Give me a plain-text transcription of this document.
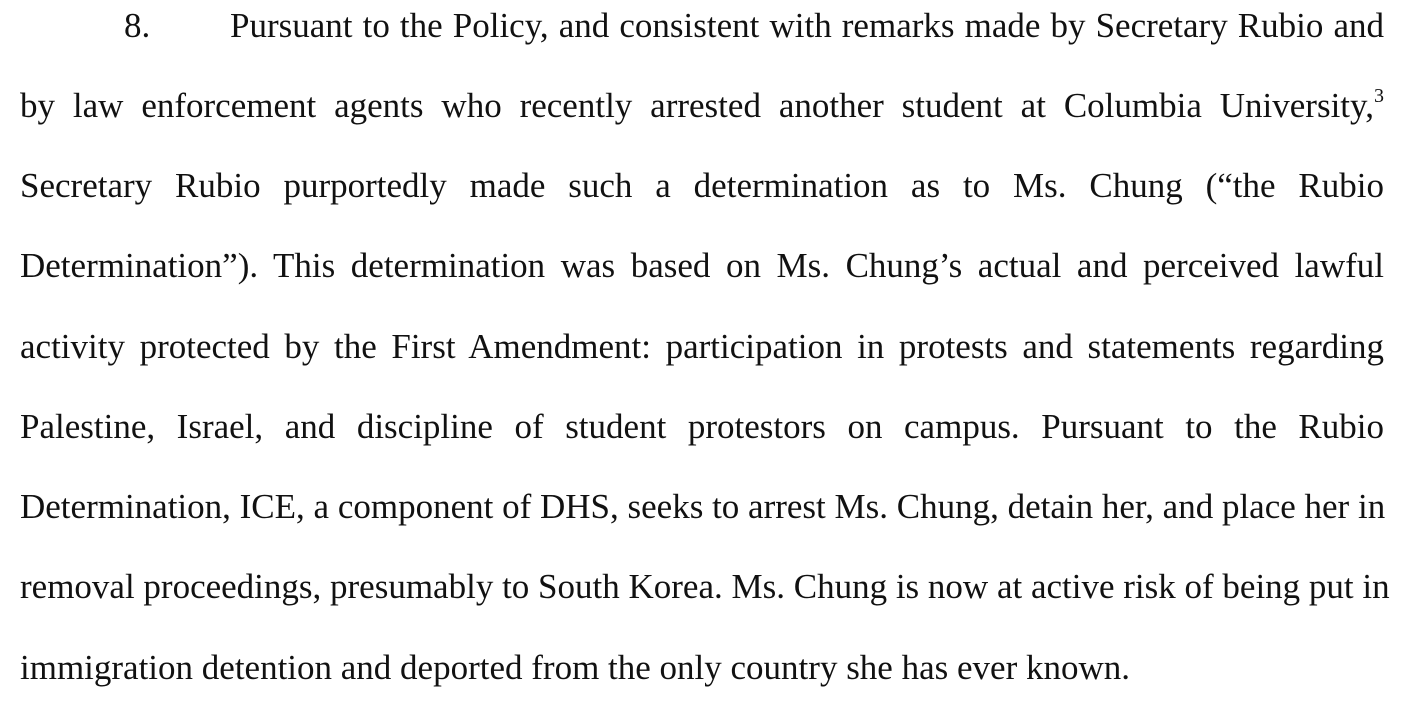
8. Pursuant to the Policy, and consistent with remarks made by Secretary Rubio and
by law enforcement agents who recently arrested another student at Columbia University,$^3$
Secretary Rubio purportedly made such a determination as to Ms. Chung (“the Rubio
Determination”). This determination was based on Ms. Chung’s actual and perceived lawful
activity protected by the First Amendment: participation in protests and statements regarding
Palestine, Israel, and discipline of student protestors on campus. Pursuant to the Rubio
Determination, ICE, a component of DHS, seeks to arrest Ms. Chung, detain her, and place her in
removal proceedings, presumably to South Korea. Ms. Chung is now at active risk of being put in
immigration detention and deported from the only country she has ever known.
